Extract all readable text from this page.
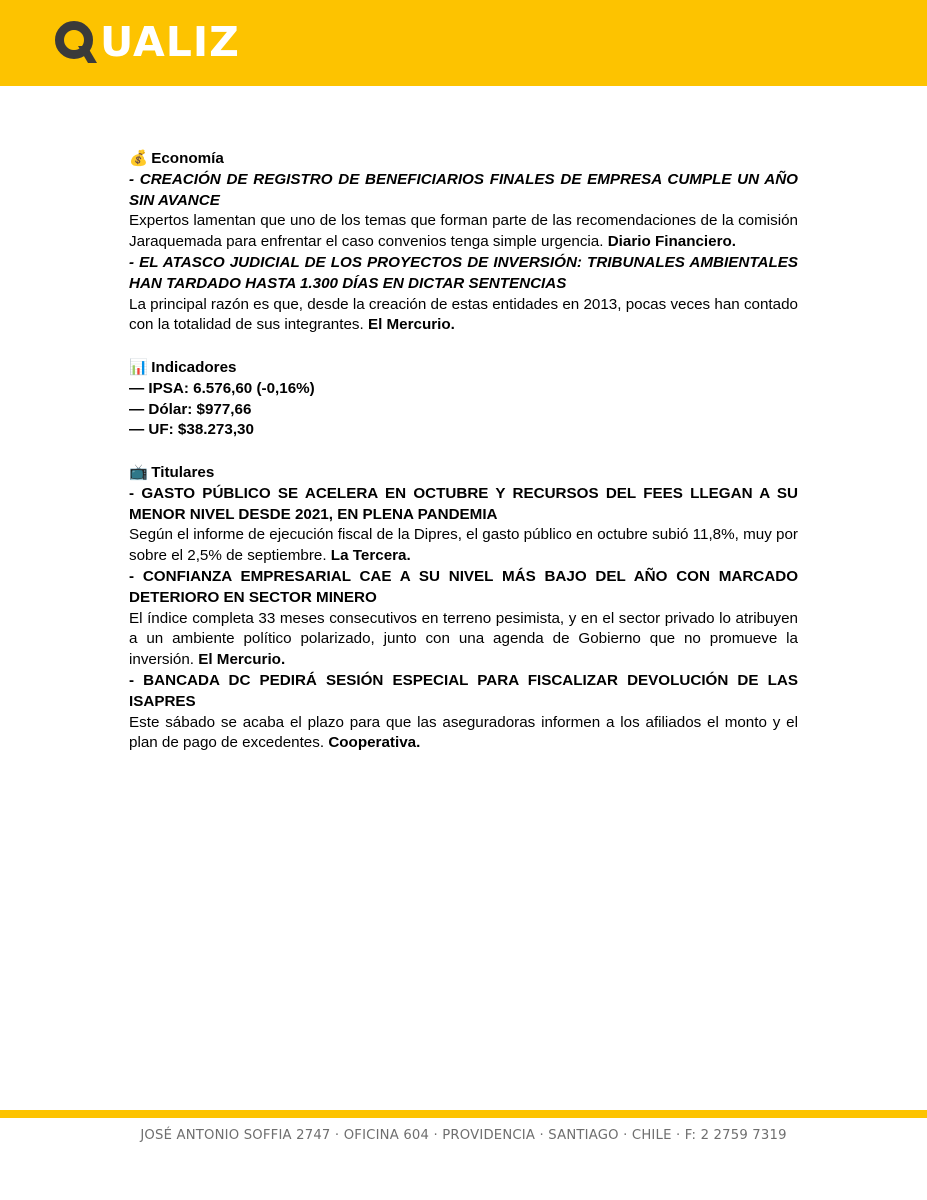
UALIZ

💰 Economía

- CREACIÓN DE REGISTRO DE BENEFICIARIOS FINALES DE EMPRESA CUMPLE UN AÑO SIN AVANCE

Expertos lamentan que uno de los temas que forman parte de las recomendaciones de la comisión Jaraquemada para enfrentar el caso convenios tenga simple urgencia. Diario Financiero.

- EL ATASCO JUDICIAL DE LOS PROYECTOS DE INVERSIÓN: TRIBUNALES AMBIENTALES HAN TARDADO HASTA 1.300 DÍAS EN DICTAR SENTENCIAS

La principal razón es que, desde la creación de estas entidades en 2013, pocas veces han contado con la totalidad de sus integrantes. El Mercurio.

📊 Indicadores

— IPSA: 6.576,60 (-0,16%)

— Dólar: $977,66

— UF: $38.273,30

📺 Titulares

- GASTO PÚBLICO SE ACELERA EN OCTUBRE Y RECURSOS DEL FEES LLEGAN A SU MENOR NIVEL DESDE 2021, EN PLENA PANDEMIA

Según el informe de ejecución fiscal de la Dipres, el gasto público en octubre subió 11,8%, muy por sobre el 2,5% de septiembre. La Tercera.

- CONFIANZA EMPRESARIAL CAE A SU NIVEL MÁS BAJO DEL AÑO CON MARCADO DETERIORO EN SECTOR MINERO

El índice completa 33 meses consecutivos en terreno pesimista, y en el sector privado lo atribuyen a un ambiente político polarizado, junto con una agenda de Gobierno que no promueve la inversión. El Mercurio.

- BANCADA DC PEDIRÁ SESIÓN ESPECIAL PARA FISCALIZAR DEVOLUCIÓN DE LAS ISAPRES

Este sábado se acaba el plazo para que las aseguradoras informen a los afiliados el monto y el plan de pago de excedentes. Cooperativa.

JOSÉ ANTONIO SOFFIA 2747 · OFICINA 604 · PROVIDENCIA · SANTIAGO · CHILE · F: 2 2759 7319
